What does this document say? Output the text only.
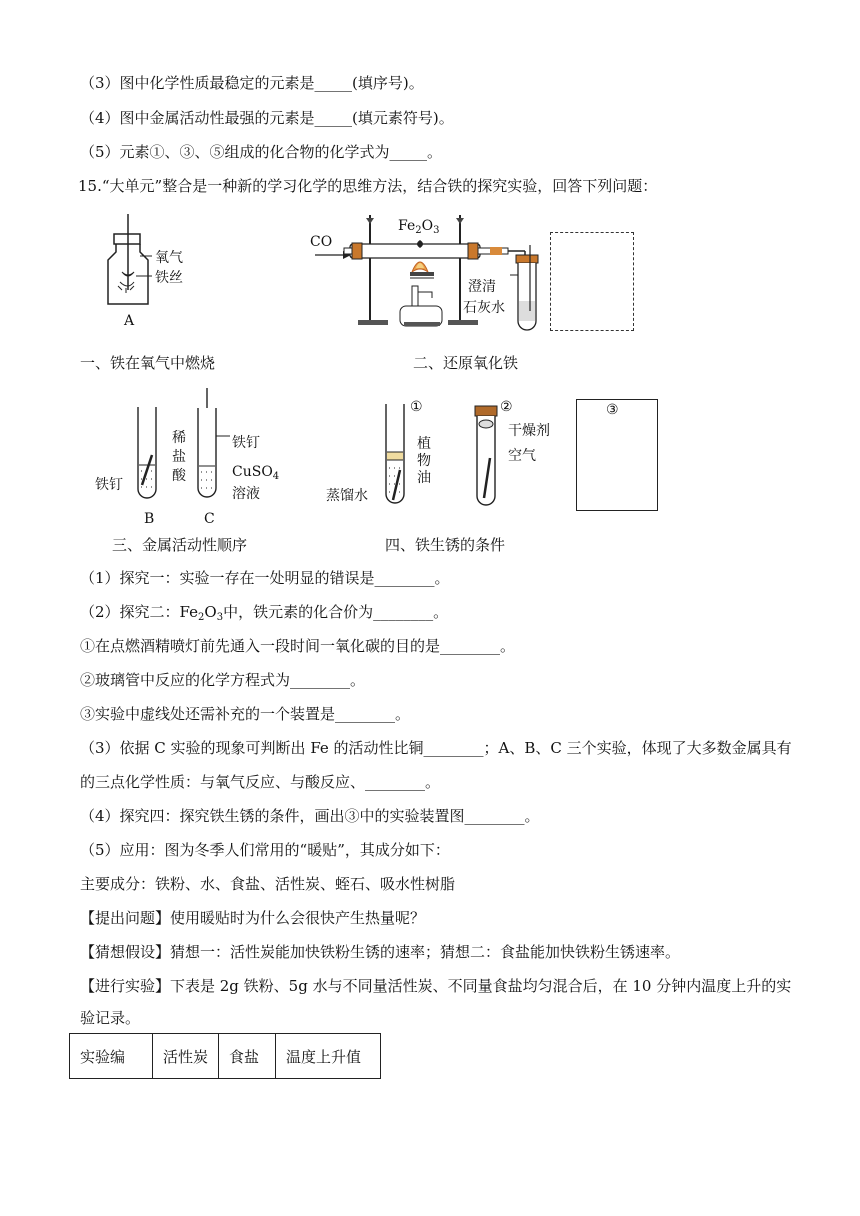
（3）图中化学性质最稳定的元素是_____(填序号)。
（4）图中金属活动性最强的元素是_____(填元素符号)。
（5）元素①、③、⑤组成的化合物的化学式为_____。
15.“大单元”整合是一种新的学习化学的思维方法，结合铁的探究实验，回答下列问题：
氧气
铁丝
A
CO
$Fe_2O_3$
澄清
石灰水
一、铁在氧气中燃烧	二、还原氧化铁
铁钉
稀
盐
酸
B
铁钉
CuSO$_4$
溶液
C
①
植
物
油
蒸馏水
②
干燥剂
空气
③
三、金属活动性顺序	四、铁生锈的条件
（1）探究一：实验一存在一处明显的错误是________。
（2）探究二：$Fe_2O_3$中，铁元素的化合价为________。
①在点燃酒精喷灯前先通入一段时间一氧化碳的目的是________。
②玻璃管中反应的化学方程式为________。
③实验中虚线处还需补充的一个装置是________。
（3）依据 C 实验的现象可判断出 Fe 的活动性比铜________；A、B、C 三个实验，体现了大多数金属具有
的三点化学性质：与氧气反应、与酸反应、________。
（4）探究四：探究铁生锈的条件，画出③中的实验装置图________。
（5）应用：图为冬季人们常用的“暖贴”，其成分如下：
主要成分：铁粉、水、食盐、活性炭、蛭石、吸水性树脂
【提出问题】使用暖贴时为什么会很快产生热量呢？
【猜想假设】猜想一：活性炭能加快铁粉生锈的速率；猜想二：食盐能加快铁粉生锈速率。
【进行实验】下表是 2g 铁粉、5g 水与不同量活性炭、不同量食盐均匀混合后，在 10 分钟内温度上升的实
验记录。
实验编	活性炭	食盐	温度上升值
